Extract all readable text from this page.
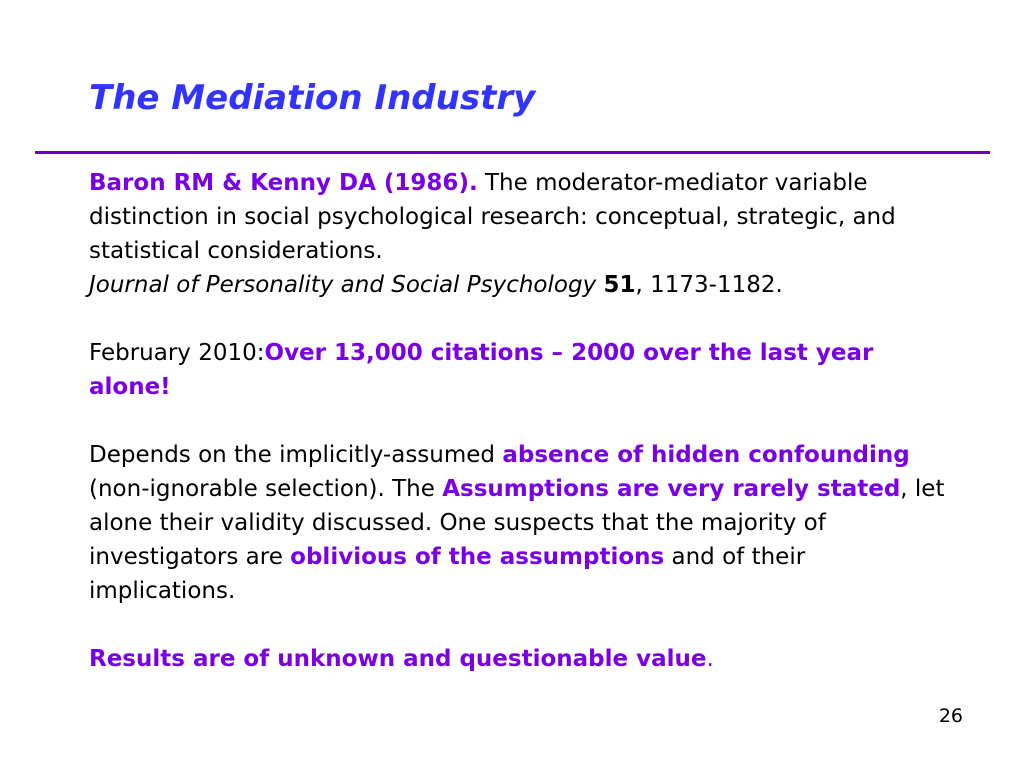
The Mediation Industry

Baron RM & Kenny DA (1986). The moderator-mediator variable distinction in social psychological research: conceptual, strategic, and statistical considerations.
Journal of Personality and Social Psychology 51, 1173-1182.

February 2010:Over 13,000 citations – 2000 over the last year alone!

Depends on the implicitly-assumed absence of hidden confounding (non-ignorable selection). The Assumptions are very rarely stated, let alone their validity discussed. One suspects that the majority of investigators are oblivious of the assumptions and of their implications.

Results are of unknown and questionable value.

26
